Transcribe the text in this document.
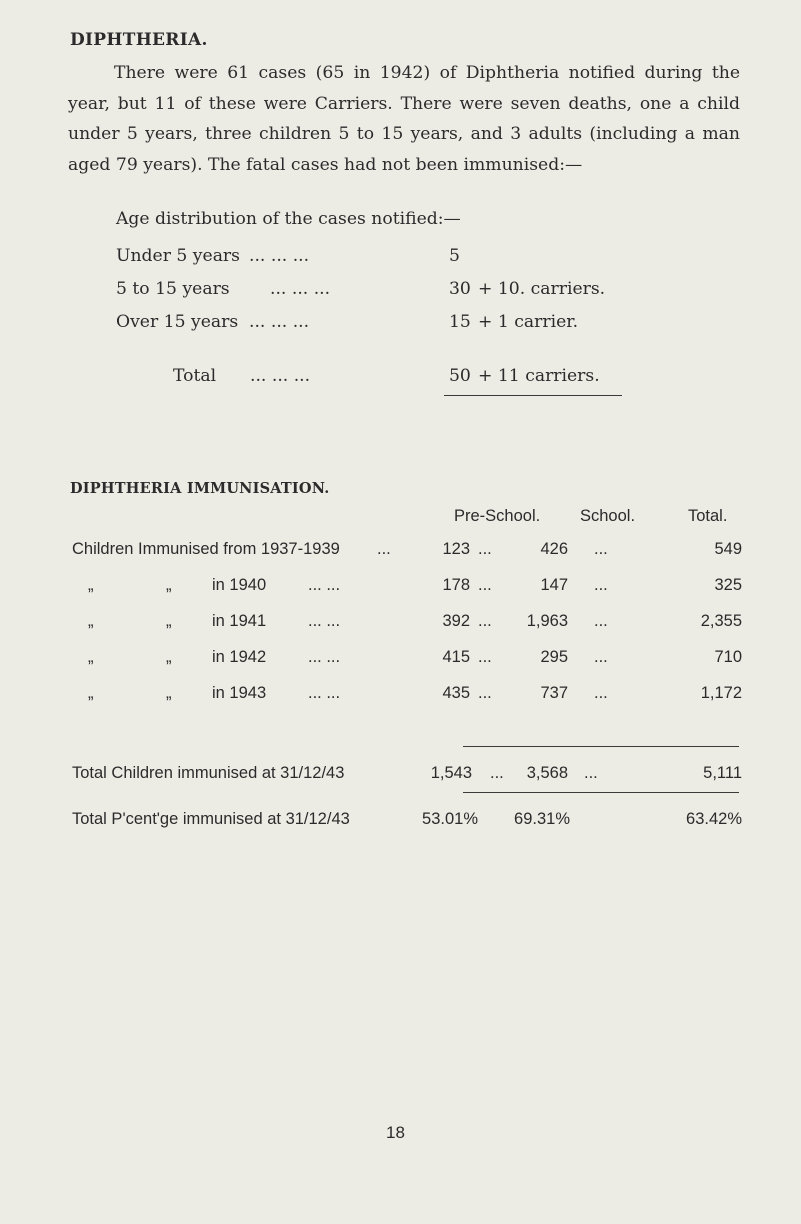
DIPHTHERIA.
There were 61 cases (65 in 1942) of Diphtheria notified during the year, but 11 of these were Carriers. There were seven deaths, one a child under 5 years, three children 5 to 15 years, and 3 adults (including a man aged 79 years). The fatal cases had not been immunised:—
Age distribution of the cases notified:—
Under 5 years ... ... ...	5
5 to 15 years ... ... ...	30 + 10. carriers.
Over 15 years ... ... ...	15 + 1 carrier.
Total ... ... ...	50 + 11 carriers.
DIPHTHERIA IMMUNISATION.
Pre-School. School.	Total.
Children Immunised from 1937-1939 ...	123 ...	426 ...	549
„	„ in 1940	... ...	178 ...	147 ...	325
„	„ in 1941	... ...	392 ...	1,963 ...	2,355
„	„ in 1942	... ...	415 ...	295 ...	710
„	„ in 1943	... ...	435 ...	737 ...	1,172
Total Children immunised at 31/12/43	1,543 ...	3,568 ...	5,111
Total P'cent'ge immunised at 31/12/43	53.01%	69.31%	63.42%
18
